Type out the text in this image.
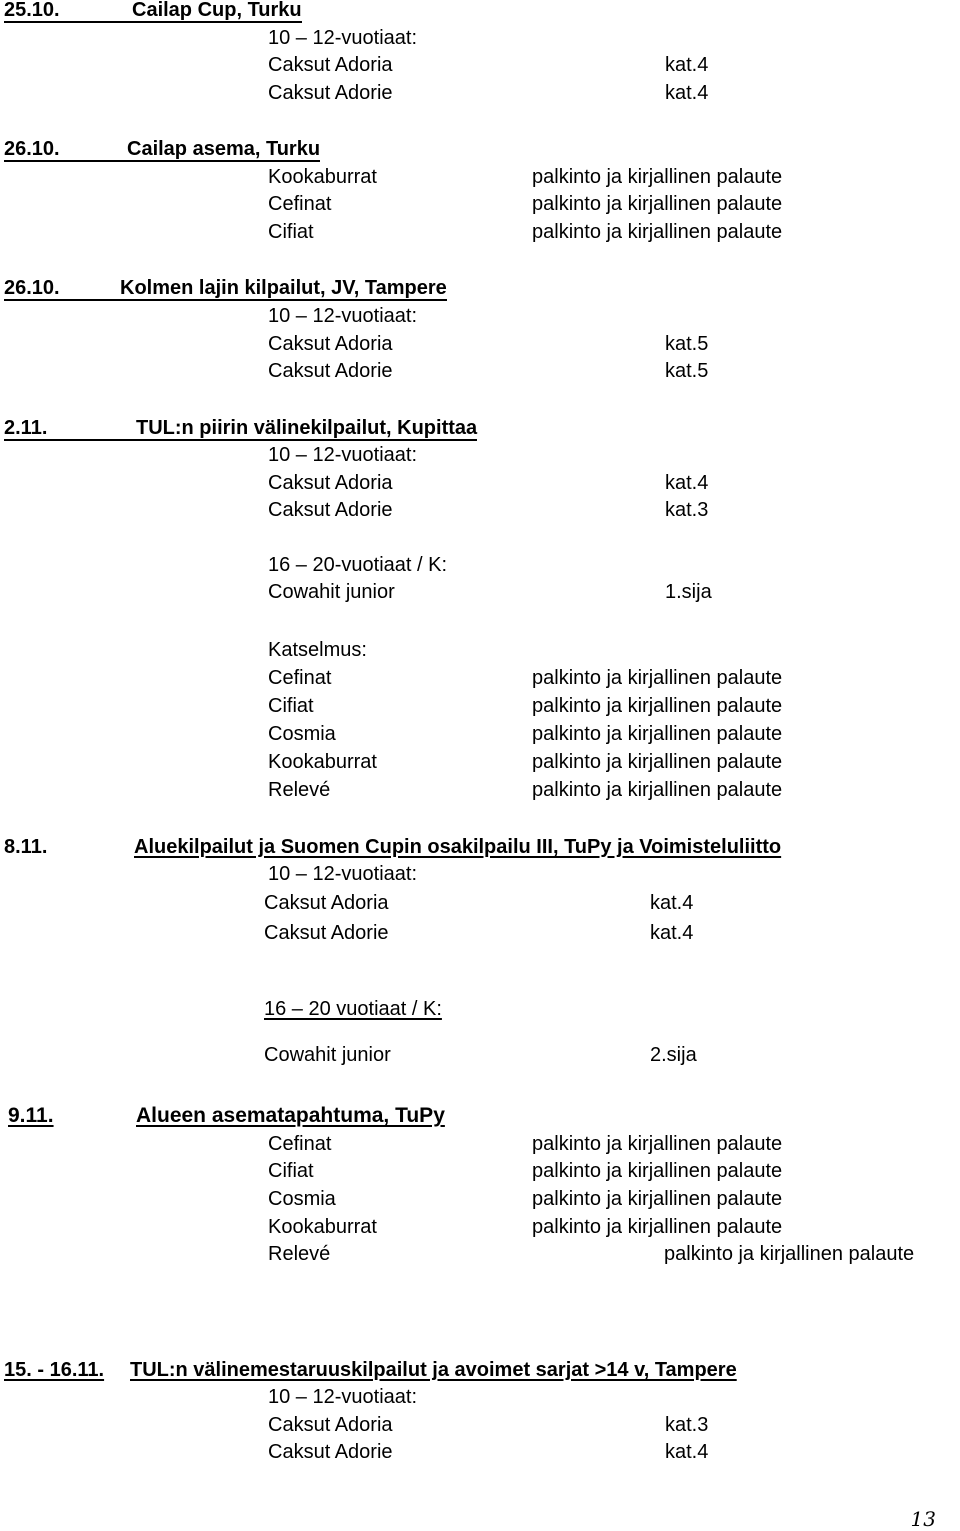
25.10.	Cailap Cup, Turku
10 – 12-vuotiaat:
Caksut Adoria	kat.4
Caksut Adorie	kat.4
26.10.	Cailap asema, Turku
Kookaburrat	palkinto ja kirjallinen palaute
Cefinat	palkinto ja kirjallinen palaute
Cifiat	palkinto ja kirjallinen palaute
26.10.	Kolmen lajin kilpailut, JV, Tampere
10 – 12-vuotiaat:
Caksut Adoria	kat.5
Caksut Adorie	kat.5
2.11.	TUL:n piirin välinekilpailut, Kupittaa
10 – 12-vuotiaat:
Caksut Adoria	kat.4
Caksut Adorie	kat.3
16 – 20-vuotiaat / K:
Cowahit junior	1.sija
Katselmus:
Cefinat	palkinto ja kirjallinen palaute
Cifiat	palkinto ja kirjallinen palaute
Cosmia	palkinto ja kirjallinen palaute
Kookaburrat	palkinto ja kirjallinen palaute
Relevé	palkinto ja kirjallinen palaute
8.11.	Aluekilpailut ja Suomen Cupin osakilpailu III, TuPy ja Voimisteluliitto
10 – 12-vuotiaat:
Caksut Adoria	kat.4
Caksut Adorie	kat.4
16 – 20 vuotiaat / K:
Cowahit junior	2.sija
9.11.	Alueen asematapahtuma, TuPy
Cefinat	palkinto ja kirjallinen palaute
Cifiat	palkinto ja kirjallinen palaute
Cosmia	palkinto ja kirjallinen palaute
Kookaburrat	palkinto ja kirjallinen palaute
Relevé	palkinto ja kirjallinen palaute
15. - 16.11. TUL:n välinemestaruuskilpailut ja avoimet sarjat >14 v, Tampere
10 – 12-vuotiaat:
Caksut Adoria	kat.3
Caksut Adorie	kat.4
13
